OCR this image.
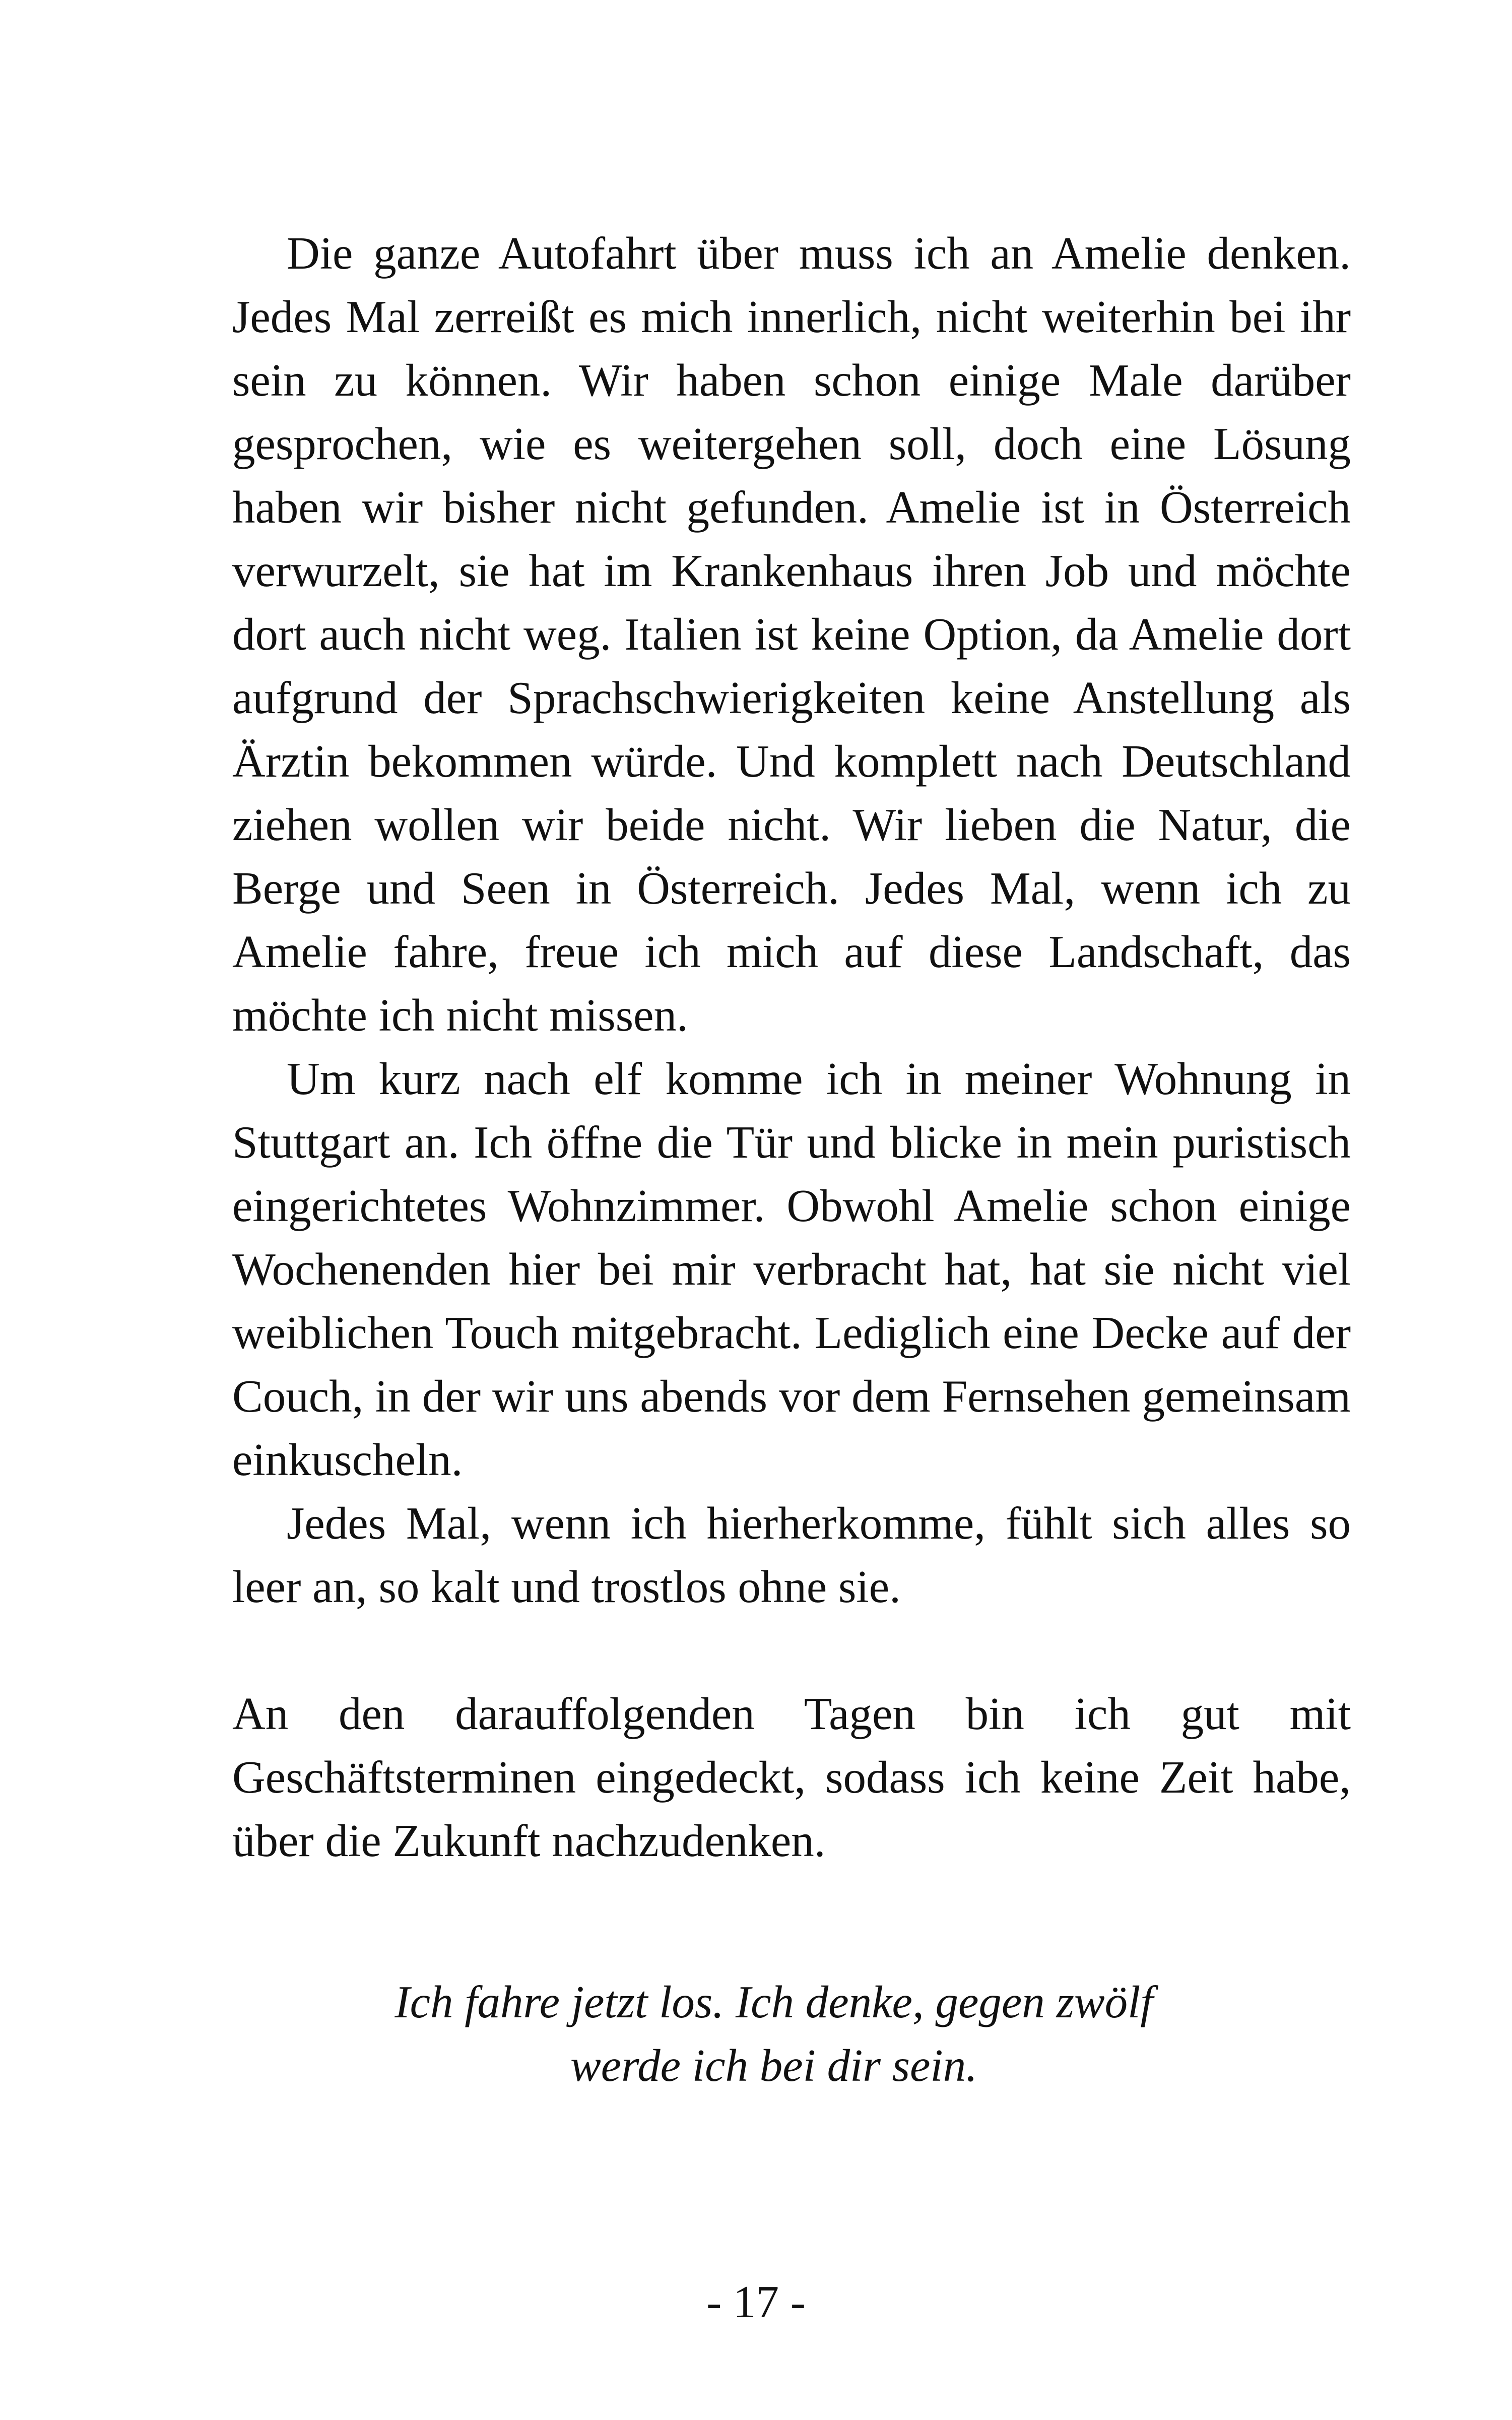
Die ganze Autofahrt über muss ich an Amelie denken. Jedes Mal zerreißt es mich innerlich, nicht weiterhin bei ihr sein zu können. Wir haben schon einige Male darüber gesprochen, wie es weitergehen soll, doch eine Lösung haben wir bisher nicht gefunden. Amelie ist in Österreich verwurzelt, sie hat im Krankenhaus ihren Job und möchte dort auch nicht weg. Italien ist keine Option, da Amelie dort aufgrund der Sprachschwierigkeiten keine Anstellung als Ärztin bekommen würde. Und komplett nach Deutschland ziehen wollen wir beide nicht. Wir lieben die Natur, die Berge und Seen in Österreich. Jedes Mal, wenn ich zu Amelie fahre, freue ich mich auf diese Landschaft, das möchte ich nicht missen.

Um kurz nach elf komme ich in meiner Wohnung in Stuttgart an. Ich öffne die Tür und blicke in mein puristisch eingerichtetes Wohnzimmer. Obwohl Amelie schon einige Wochenenden hier bei mir verbracht hat, hat sie nicht viel weiblichen Touch mitgebracht. Lediglich eine Decke auf der Couch, in der wir uns abends vor dem Fernsehen gemeinsam einkuscheln.

Jedes Mal, wenn ich hierherkomme, fühlt sich alles so leer an, so kalt und trostlos ohne sie.

An den darauffolgenden Tagen bin ich gut mit Geschäftsterminen eingedeckt, sodass ich keine Zeit habe, über die Zukunft nachzudenken.

Ich fahre jetzt los. Ich denke, gegen zwölf

werde ich bei dir sein.

- 17 -
